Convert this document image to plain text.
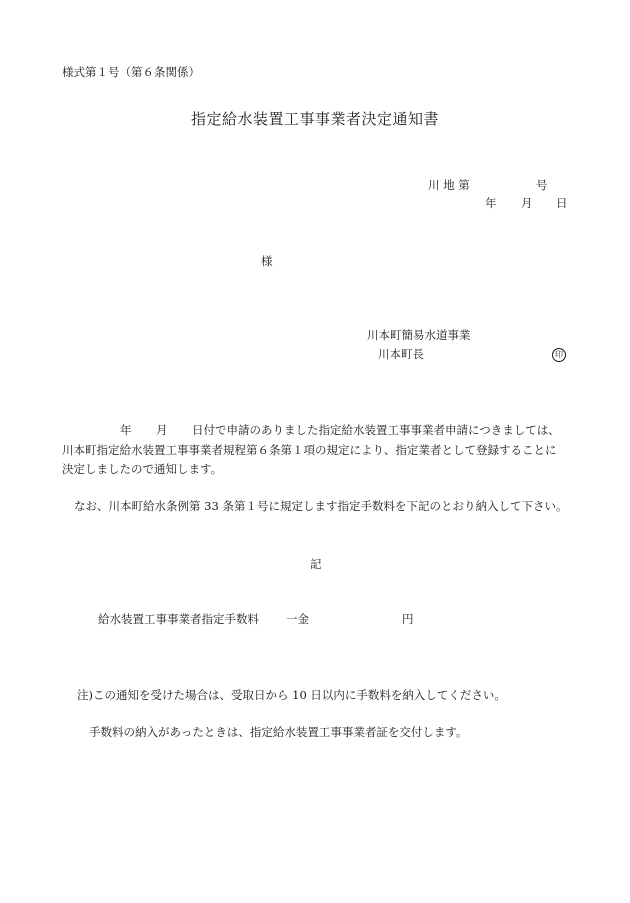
様式第１号（第６条関係）
指定給水装置工事事業者決定通知書
川 地 第	号
年 月 日
様
川本町簡易水道事業
川本町長	印
年 月 日付で申請のありました指定給水装置工事事業者申請につきましては、
川本町指定給水装置工事事業者規程第６条第１項の規定により、指定業者として登録することに
決定しましたので通知します。
なお、川本町給水条例第 33 条第１号に規定します指定手数料を下記のとおり納入して下さい。
記
給水装置工事事業者指定手数料 一金	円
注)この通知を受けた場合は、受取日から 10 日以内に手数料を納入してください。
手数料の納入があったときは、指定給水装置工事事業者証を交付します。
